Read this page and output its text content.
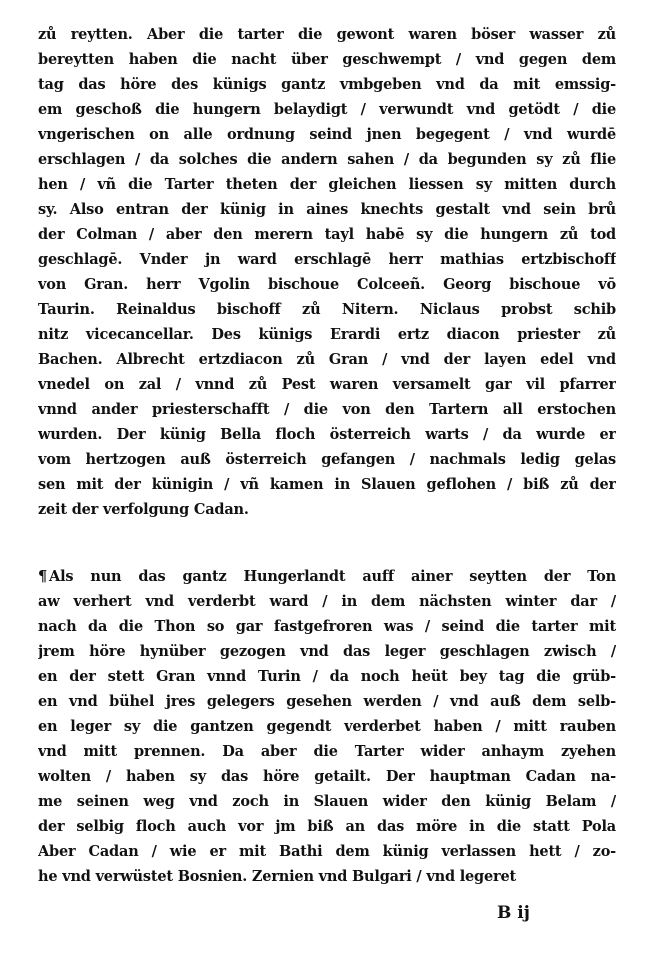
zů reytten. Aber die tarter die gewont waren böser wasser zů
bereytten haben die nacht über geschwempt / vnd gegen dem
tag das höre des künigs gantz vmbgeben vnd da mit emssig-
em geschoß die hungern belaydigt / verwundt vnd getödt / die
vngerischen on alle ordnung seind jnen begegent / vnd wurdē
erschlagen / da solches die andern sahen / da begunden sy zů flie
hen / vñ die Tarter theten der gleichen liessen sy mitten durch
sy. Also entran der künig in aines knechts gestalt vnd sein brů
der Colman / aber den merern tayl habē sy die hungern zů tod
geschlagē. Vnder jn ward erschlagē herr mathias ertzbischoff
von Gran. herr Vgolin bischoue Colceeñ. Georg bischoue vō
Taurin. Reinaldus bischoff zů Nitern. Niclaus probst schib
nitz vicecancellar. Des künigs Erardi ertz diacon priester zů
Bachen. Albrecht ertzdiacon zů Gran / vnd der layen edel vnd
vnedel on zal / vnnd zů Pest waren versamelt gar vil pfarrer
vnnd ander priesterschafft / die von den Tartern all erstochen
wurden. Der künig Bella floch österreich warts / da wurde er
vom hertzogen auß österreich gefangen / nachmals ledig gelas
sen mit der künigin / vñ kamen in Slauen geflohen / biß zů der
zeit der verfolgung Cadan.
¶ Als nun das gantz Hungerlandt auff ainer seytten der Ton
aw verhert vnd verderbt ward / in dem nächsten winter dar /
nach da die Thon so gar fastgefroren was / seind die tarter mit
jrem höre hynüber gezogen vnd das leger geschlagen zwisch /
en der stett Gran vnnd Turin / da noch heüt bey tag die grüb-
en vnd bühel jres gelegers gesehen werden / vnd auß dem selb-
en leger sy die gantzen gegendt verderbet haben / mitt rauben
vnd mitt prennen. Da aber die Tarter wider anhaym zyehen
wolten / haben sy das höre getailt. Der hauptman Cadan na-
me seinen weg vnd zoch in Slauen wider den künig Belam /
der selbig floch auch vor jm biß an das möre in die statt Pola
Aber Cadan / wie er mit Bathi dem künig verlassen hett / zo-
he vnd verwüstet Bosnien. Zernien vnd Bulgari / vnd legeret
B ij
